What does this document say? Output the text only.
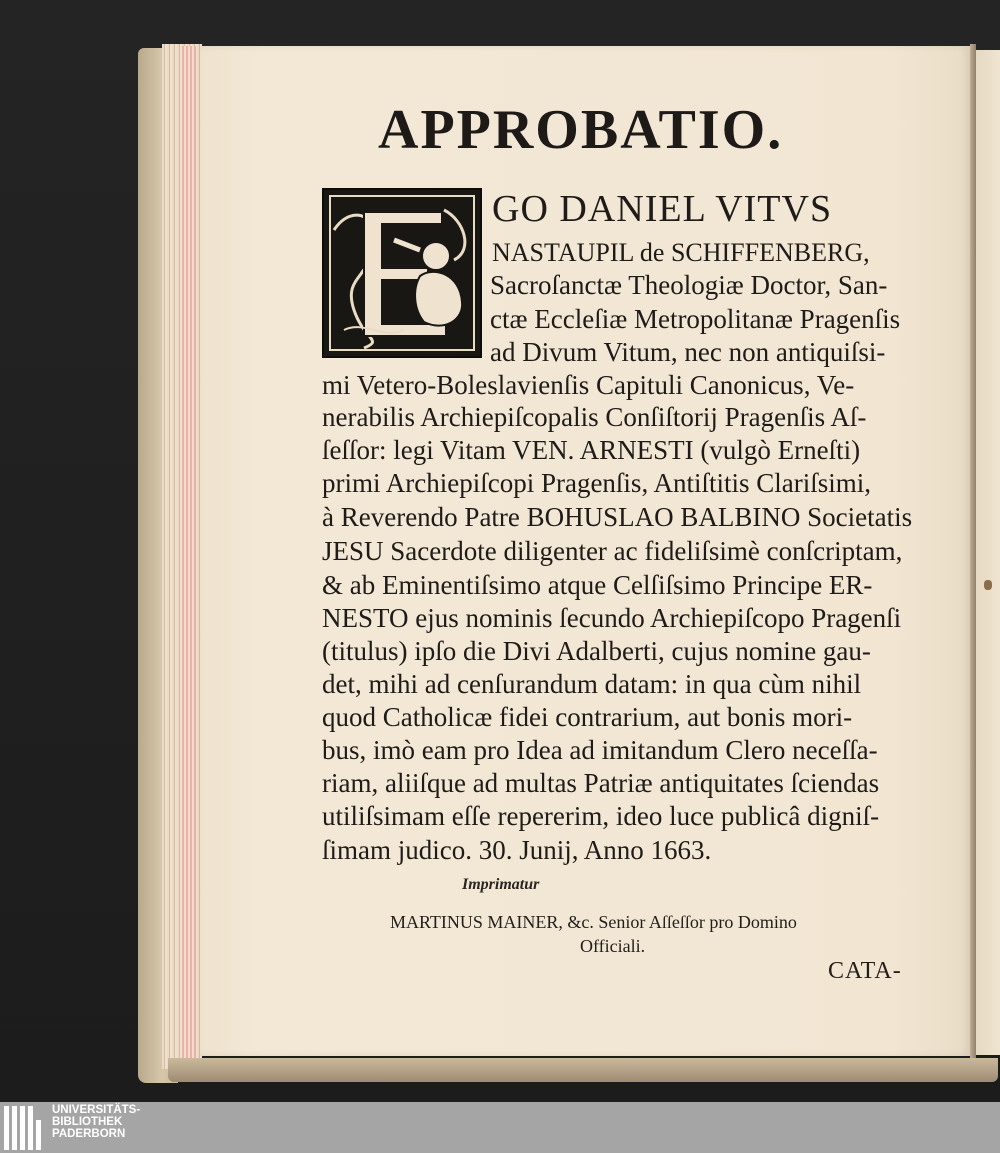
APPROBATIO.

GO DANIEL VITVS

NASTAUPIL de SCHIFFENBERG,

Sacroſanctæ Theologiæ Doctor, San-

ctæ Eccleſiæ Metropolitanæ Pragenſis

ad Divum Vitum, nec non antiquiſsi-

mi Vetero-Boleslavienſis Capituli Canonicus, Ve-

nerabilis Archiepiſcopalis Conſiſtorij Pragenſis Aſ-

ſeſſor: legi Vitam VEN. ARNESTI (vulgò Erneſti)

primi Archiepiſcopi Pragenſis, Antiſtitis Clariſsimi,

à Reverendo Patre BOHUSLAO BALBINO Societatis

JESU Sacerdote diligenter ac fideliſsimè conſcriptam,

& ab Eminentiſsimo atque Celſiſsimo Principe ER-

NESTO ejus nominis ſecundo Archiepiſcopo Pragenſi

(titulus) ipſo die Divi Adalberti, cujus nomine gau-

det, mihi ad cenſurandum datam: in qua cùm nihil

quod Catholicæ fidei contrarium, aut bonis mori-

bus, imò eam pro Idea ad imitandum Clero neceſſa-

riam, aliiſque ad multas Patriæ antiquitates ſciendas

utiliſsimam eſſe repererim, ideo luce publicâ digniſ-

ſimam judico. 30. Junij, Anno 1663.

Imprimatur

MARTINUS MAINER, &c. Senior Aſſeſſor pro Domino

Officiali.

CATA-

UNIVERSITÄTS-
BIBLIOTHEK
PADERBORN
